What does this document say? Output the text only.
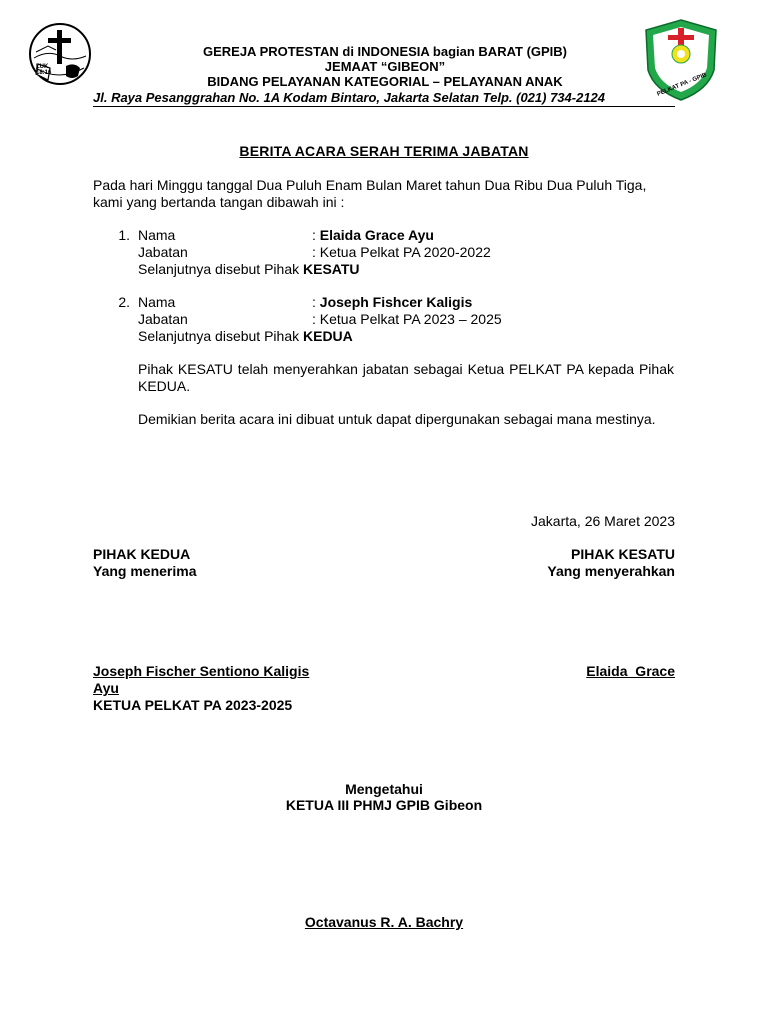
LUK 18:16	PELKAT PA - GPIB
GEREJA PROTESTAN di INDONESIA bagian BARAT (GPIB)
JEMAAT “GIBEON”
BIDANG PELAYANAN KATEGORIAL – PELAYANAN ANAK
Jl. Raya Pesanggrahan No. 1A Kodam Bintaro, Jakarta Selatan Telp. (021) 734-2124
BERITA ACARA SERAH TERIMA JABATAN
Pada hari Minggu tanggal Dua Puluh Enam Bulan Maret tahun Dua Ribu Dua Puluh Tiga, kami yang bertanda tangan dibawah ini :
1. Nama	: Elaida Grace Ayu
Jabatan	: Ketua Pelkat PA 2020-2022
Selanjutnya disebut Pihak KESATU
2. Nama	: Joseph Fishcer Kaligis
Jabatan	: Ketua Pelkat PA 2023 – 2025
Selanjutnya disebut Pihak KEDUA
Pihak KESATU telah menyerahkan jabatan sebagai Ketua PELKAT PA kepada Pihak KEDUA.
Demikian berita acara ini dibuat untuk dapat dipergunakan sebagai mana mestinya.
Jakarta, 26 Maret 2023
PIHAK KEDUA
Yang menerima
PIHAK KESATU
Yang menyerahkan
Joseph Fischer Sentiono Kaligis	Elaida  Grace
Ayu
KETUA PELKAT PA 2023-2025
Mengetahui
KETUA III PHMJ GPIB Gibeon
Octavanus R. A. Bachry
